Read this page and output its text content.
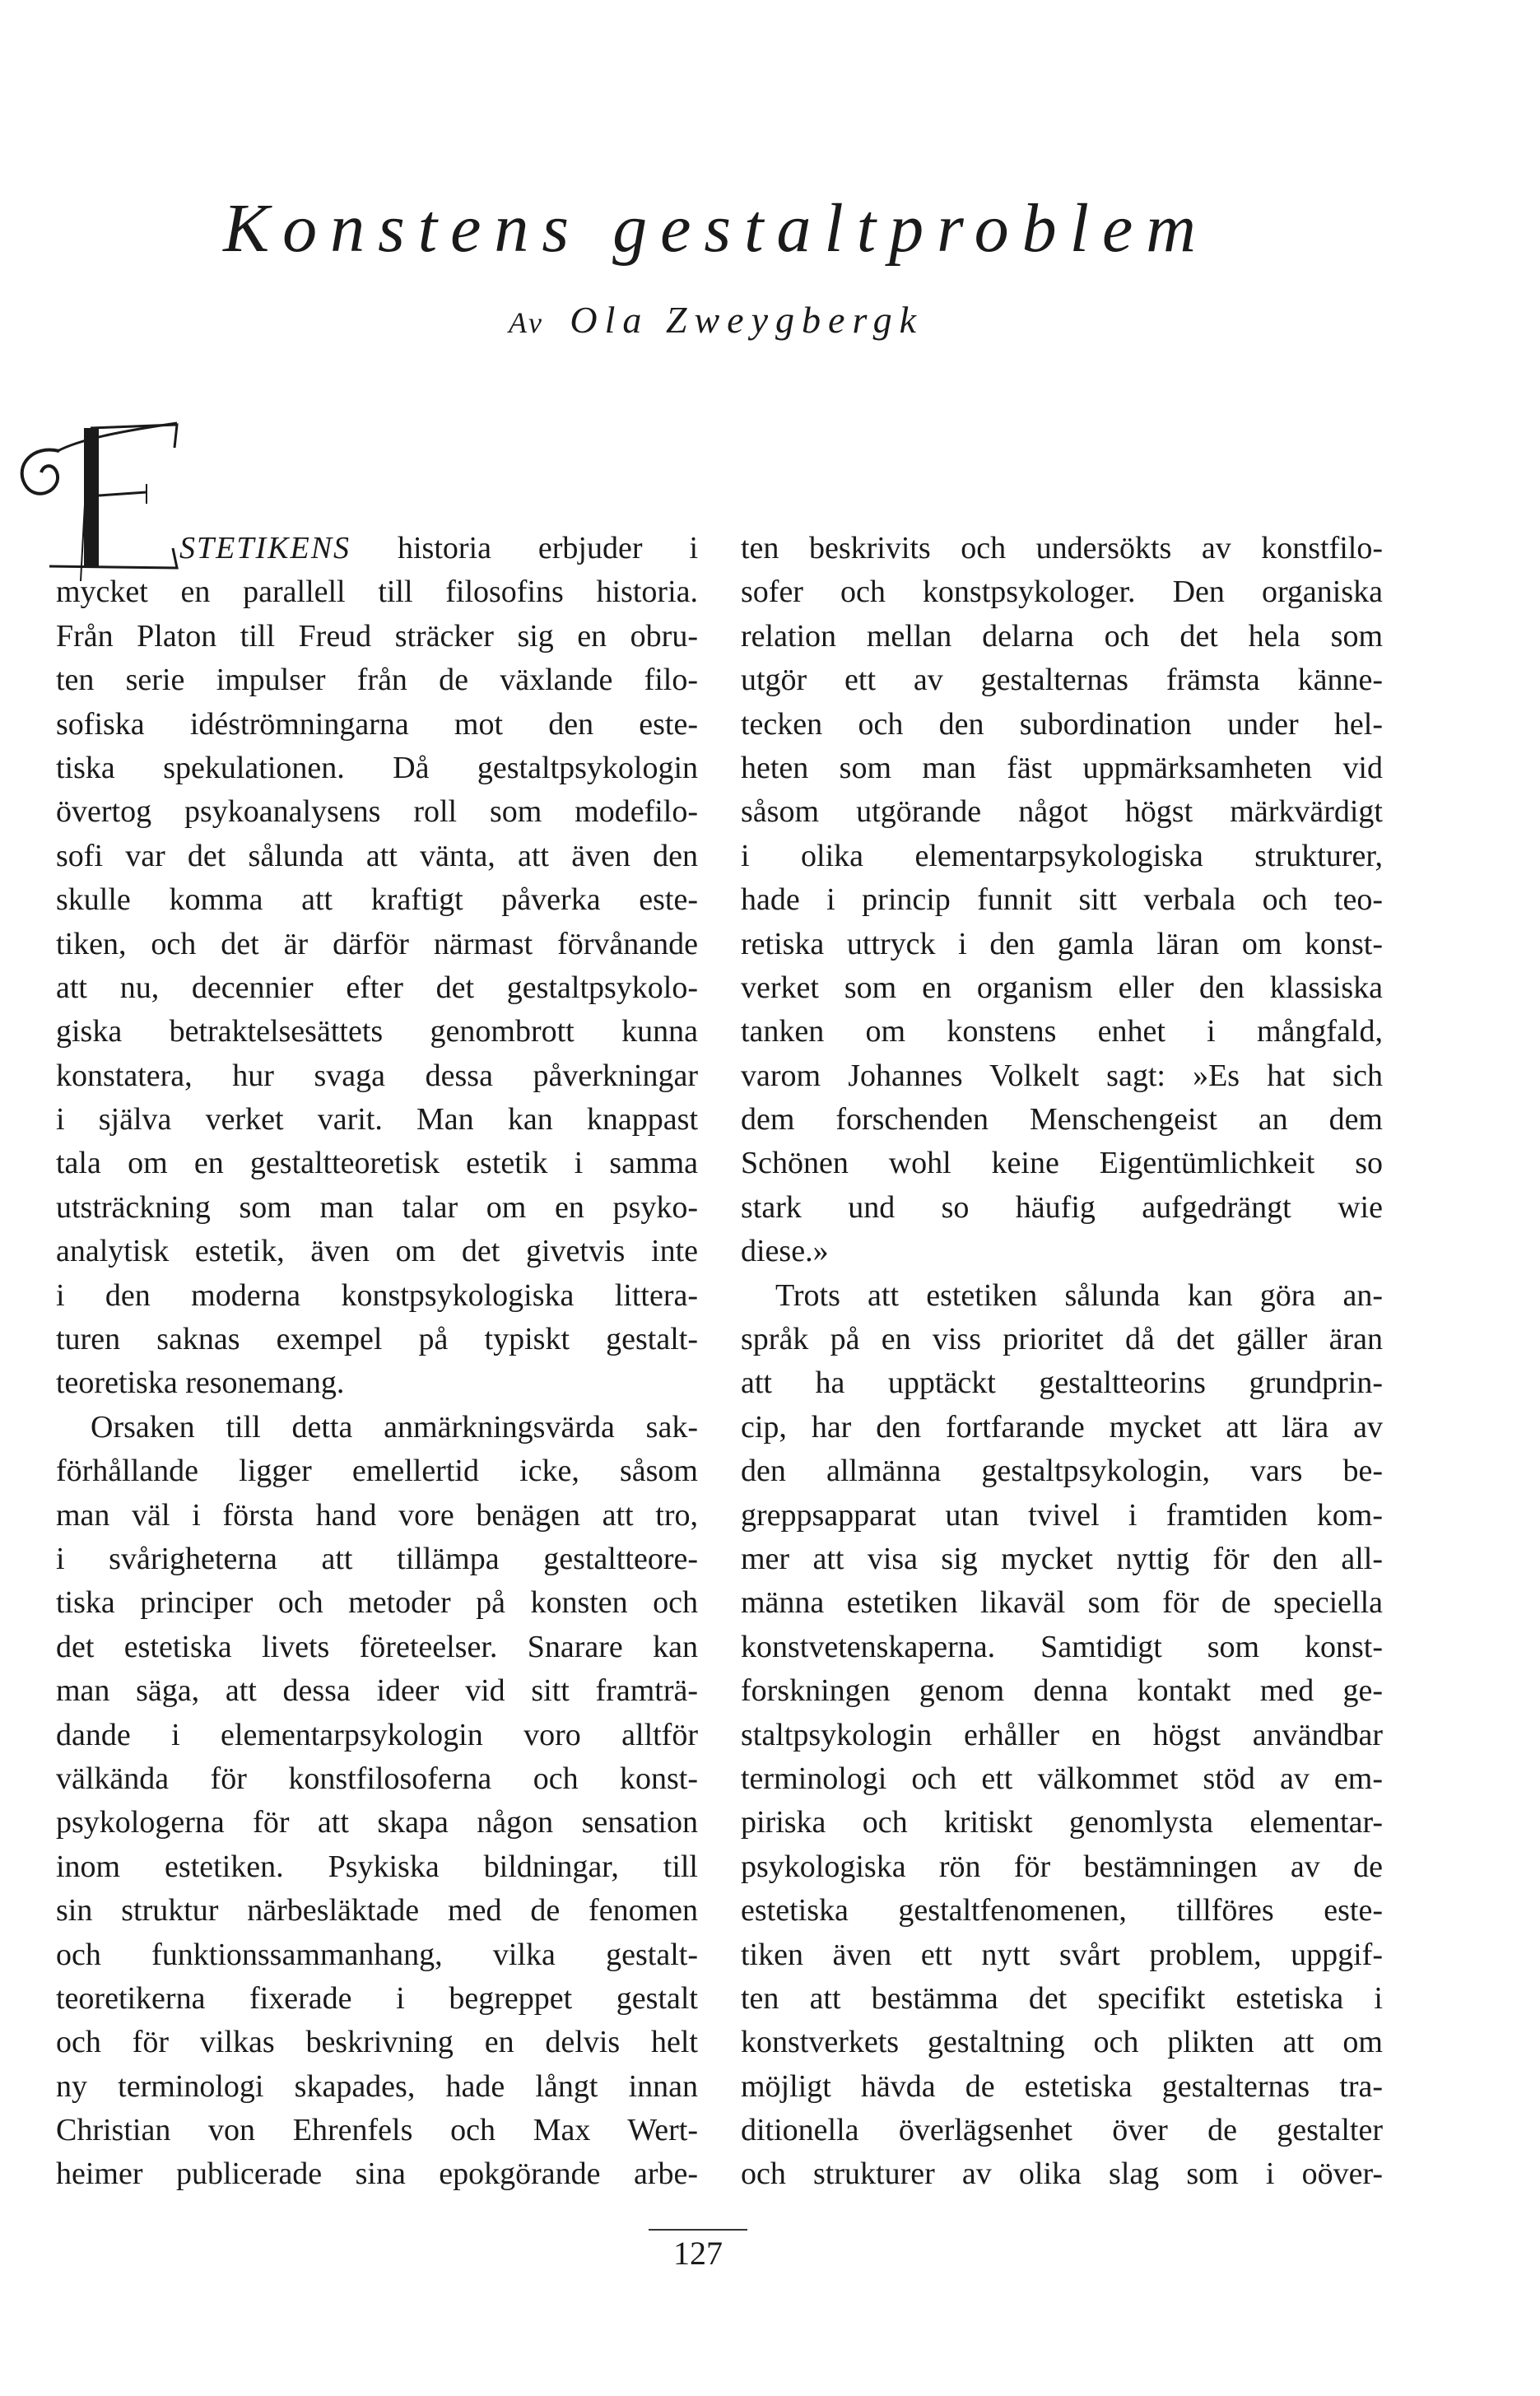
Konstens gestaltproblem
Av Ola Zweygbergk
STETIKENS historia erbjuder i
mycket en parallell till filosofins historia.
Från Platon till Freud sträcker sig en obru-
ten serie impulser från de växlande filo-
sofiska idéströmningarna mot den este-
tiska spekulationen. Då gestaltpsykologin
övertog psykoanalysens roll som modefilo-
sofi var det sålunda att vänta, att även den
skulle komma att kraftigt påverka este-
tiken, och det är därför närmast förvånande
att nu, decennier efter det gestaltpsykolo-
giska betraktelsesättets genombrott kunna
konstatera, hur svaga dessa påverkningar
i själva verket varit. Man kan knappast
tala om en gestaltteoretisk estetik i samma
utsträckning som man talar om en psyko-
analytisk estetik, även om det givetvis inte
i den moderna konstpsykologiska littera-
turen saknas exempel på typiskt gestalt-
teoretiska resonemang.
Orsaken till detta anmärkningsvärda sak-
förhållande ligger emellertid icke, såsom
man väl i första hand vore benägen att tro,
i svårigheterna att tillämpa gestaltteore-
tiska principer och metoder på konsten och
det estetiska livets företeelser. Snarare kan
man säga, att dessa ideer vid sitt framträ-
dande i elementarpsykologin voro alltför
välkända för konstfilosoferna och konst-
psykologerna för att skapa någon sensation
inom estetiken. Psykiska bildningar, till
sin struktur närbesläktade med de fenomen
och funktionssammanhang, vilka gestalt-
teoretikerna fixerade i begreppet gestalt
och för vilkas beskrivning en delvis helt
ny terminologi skapades, hade långt innan
Christian von Ehrenfels och Max Wert-
heimer publicerade sina epokgörande arbe-
ten beskrivits och undersökts av konstfilo-
sofer och konstpsykologer. Den organiska
relation mellan delarna och det hela som
utgör ett av gestalternas främsta känne-
tecken och den subordination under hel-
heten som man fäst uppmärksamheten vid
såsom utgörande något högst märkvärdigt
i olika elementarpsykologiska strukturer,
hade i princip funnit sitt verbala och teo-
retiska uttryck i den gamla läran om konst-
verket som en organism eller den klassiska
tanken om konstens enhet i mångfald,
varom Johannes Volkelt sagt: »Es hat sich
dem forschenden Menschengeist an dem
Schönen wohl keine Eigentümlichkeit so
stark und so häufig aufgedrängt wie
diese.»
Trots att estetiken sålunda kan göra an-
språk på en viss prioritet då det gäller äran
att ha upptäckt gestaltteorins grundprin-
cip, har den fortfarande mycket att lära av
den allmänna gestaltpsykologin, vars be-
greppsapparat utan tvivel i framtiden kom-
mer att visa sig mycket nyttig för den all-
männa estetiken likaväl som för de speciella
konstvetenskaperna. Samtidigt som konst-
forskningen genom denna kontakt med ge-
staltpsykologin erhåller en högst användbar
terminologi och ett välkommet stöd av em-
piriska och kritiskt genomlysta elementar-
psykologiska rön för bestämningen av de
estetiska gestaltfenomenen, tillföres este-
tiken även ett nytt svårt problem, uppgif-
ten att bestämma det specifikt estetiska i
konstverkets gestaltning och plikten att om
möjligt hävda de estetiska gestalternas tra-
ditionella överlägsenhet över de gestalter
och strukturer av olika slag som i oöver-
127
